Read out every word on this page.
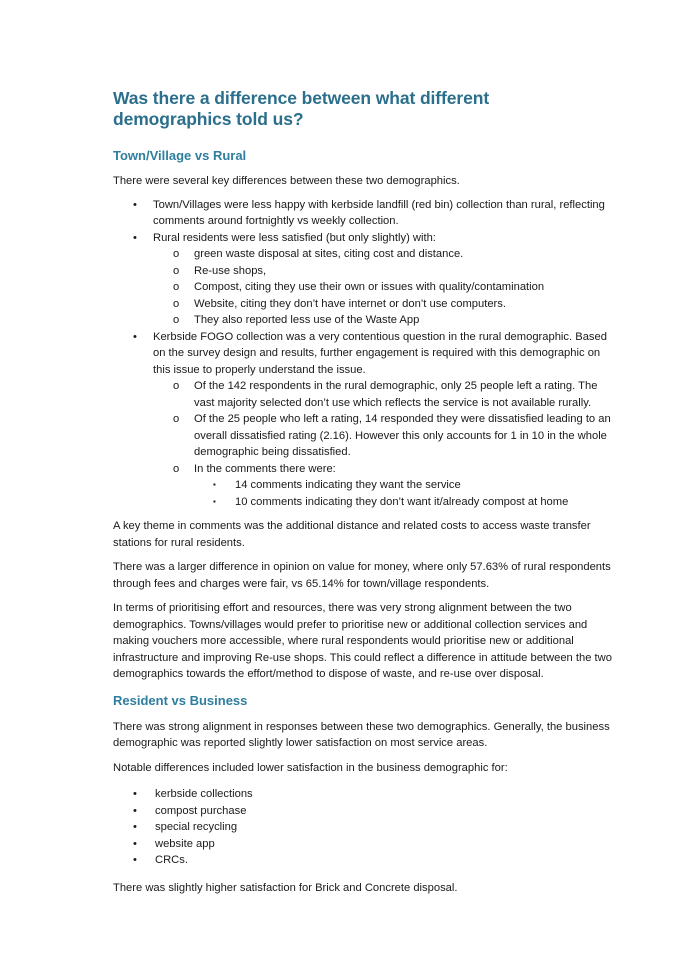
Was there a difference between what different demographics told us?
Town/Village vs Rural

There were several key differences between these two demographics.

• Town/Villages were less happy with kerbside landfill (red bin) collection than rural, reflecting comments around fortnightly vs weekly collection.
• Rural residents were less satisfied (but only slightly) with:
o green waste disposal at sites, citing cost and distance.
o Re-use shops,
o Compost, citing they use their own or issues with quality/contamination
o Website, citing they don’t have internet or don’t use computers.
o They also reported less use of the Waste App
• Kerbside FOGO collection was a very contentious question in the rural demographic. Based on the survey design and results, further engagement is required with this demographic on this issue to properly understand the issue.
o Of the 142 respondents in the rural demographic, only 25 people left a rating. The vast majority selected don’t use which reflects the service is not available rurally.
o Of the 25 people who left a rating, 14 responded they were dissatisfied leading to an overall dissatisfied rating (2.16). However this only accounts for 1 in 10 in the whole demographic being dissatisfied.
o In the comments there were:
▪ 14 comments indicating they want the service
▪ 10 comments indicating they don’t want it/already compost at home

A key theme in comments was the additional distance and related costs to access waste transfer stations for rural residents.

There was a larger difference in opinion on value for money, where only 57.63% of rural respondents through fees and charges were fair, vs 65.14% for town/village respondents.

In terms of prioritising effort and resources, there was very strong alignment between the two demographics. Towns/villages would prefer to prioritise new or additional collection services and making vouchers more accessible, where rural respondents would prioritise new or additional infrastructure and improving Re-use shops. This could reflect a difference in attitude between the two demographics towards the effort/method to dispose of waste, and re-use over disposal.

Resident vs Business

There was strong alignment in responses between these two demographics. Generally, the business demographic was reported slightly lower satisfaction on most service areas.

Notable differences included lower satisfaction in the business demographic for:

• kerbside collections
• compost purchase
• special recycling
• website app
• CRCs.

There was slightly higher satisfaction for Brick and Concrete disposal.
